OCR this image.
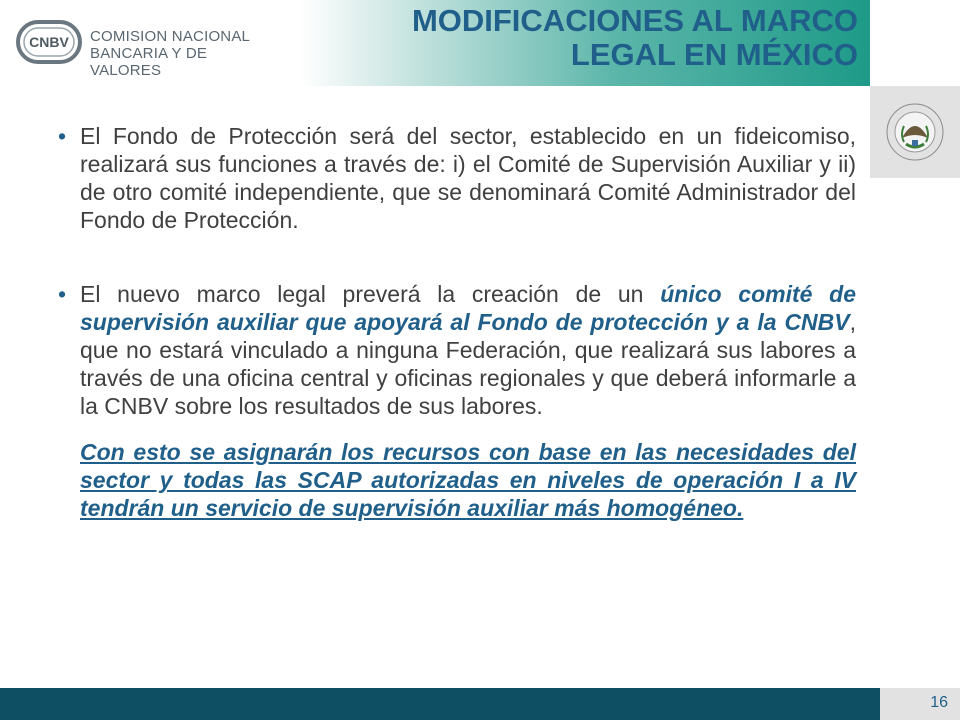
CNBV COMISION NACIONAL
BANCARIA Y DE VALORES
MODIFICACIONES AL MARCO
LEGAL EN MÉXICO

• El Fondo de Protección será del sector, establecido en un fideicomiso, realizará sus funciones a través de: i) el Comité de Supervisión Auxiliar y ii) de otro comité independiente, que se denominará Comité Administrador del Fondo de Protección.

• El nuevo marco legal preverá la creación de un único comité de supervisión auxiliar que apoyará al Fondo de protección y a la CNBV, que no estará vinculado a ninguna Federación, que realizará sus labores a través de una oficina central y oficinas regionales y que deberá informarle a la CNBV sobre los resultados de sus labores.

Con esto se asignarán los recursos con base en las necesidades del sector y todas las SCAP autorizadas en niveles de operación I a IV tendrán un servicio de supervisión auxiliar más homogéneo.
16
